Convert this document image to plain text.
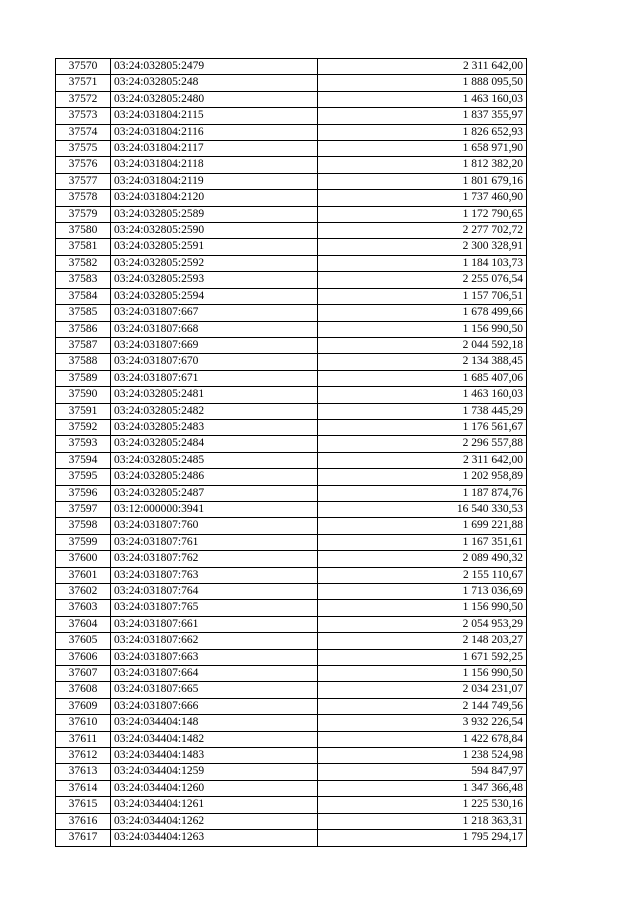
37570	03:24:032805:2479	2 311 642,00
37571	03:24:032805:248	1 888 095,50
37572	03:24:032805:2480	1 463 160,03
37573	03:24:031804:2115	1 837 355,97
37574	03:24:031804:2116	1 826 652,93
37575	03:24:031804:2117	1 658 971,90
37576	03:24:031804:2118	1 812 382,20
37577	03:24:031804:2119	1 801 679,16
37578	03:24:031804:2120	1 737 460,90
37579	03:24:032805:2589	1 172 790,65
37580	03:24:032805:2590	2 277 702,72
37581	03:24:032805:2591	2 300 328,91
37582	03:24:032805:2592	1 184 103,73
37583	03:24:032805:2593	2 255 076,54
37584	03:24:032805:2594	1 157 706,51
37585	03:24:031807:667	1 678 499,66
37586	03:24:031807:668	1 156 990,50
37587	03:24:031807:669	2 044 592,18
37588	03:24:031807:670	2 134 388,45
37589	03:24:031807:671	1 685 407,06
37590	03:24:032805:2481	1 463 160,03
37591	03:24:032805:2482	1 738 445,29
37592	03:24:032805:2483	1 176 561,67
37593	03:24:032805:2484	2 296 557,88
37594	03:24:032805:2485	2 311 642,00
37595	03:24:032805:2486	1 202 958,89
37596	03:24:032805:2487	1 187 874,76
37597	03:12:000000:3941	16 540 330,53
37598	03:24:031807:760	1 699 221,88
37599	03:24:031807:761	1 167 351,61
37600	03:24:031807:762	2 089 490,32
37601	03:24:031807:763	2 155 110,67
37602	03:24:031807:764	1 713 036,69
37603	03:24:031807:765	1 156 990,50
37604	03:24:031807:661	2 054 953,29
37605	03:24:031807:662	2 148 203,27
37606	03:24:031807:663	1 671 592,25
37607	03:24:031807:664	1 156 990,50
37608	03:24:031807:665	2 034 231,07
37609	03:24:031807:666	2 144 749,56
37610	03:24:034404:148	3 932 226,54
37611	03:24:034404:1482	1 422 678,84
37612	03:24:034404:1483	1 238 524,98
37613	03:24:034404:1259	594 847,97
37614	03:24:034404:1260	1 347 366,48
37615	03:24:034404:1261	1 225 530,16
37616	03:24:034404:1262	1 218 363,31
37617	03:24:034404:1263	1 795 294,17
